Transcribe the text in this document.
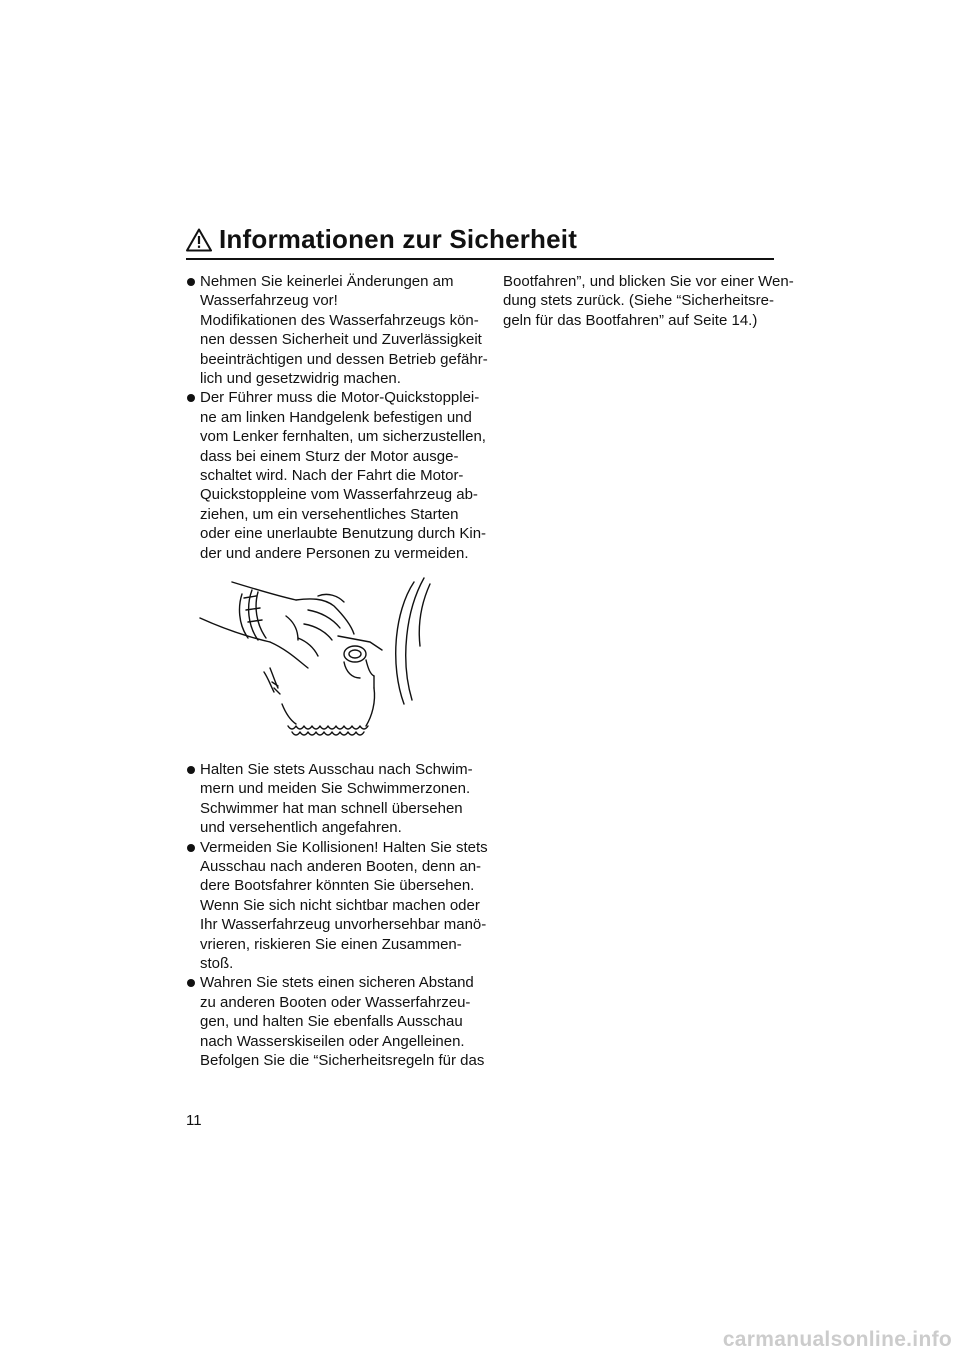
Informationen zur Sicherheit
Nehmen Sie keinerlei Änderungen am
Wasserfahrzeug vor!
Modifikationen des Wasserfahrzeugs kön-
nen dessen Sicherheit und Zuverlässigkeit
beeinträchtigen und dessen Betrieb gefähr-
lich und gesetzwidrig machen.
Der Führer muss die Motor-Quickstopplei-
ne am linken Handgelenk befestigen und
vom Lenker fernhalten, um sicherzustellen,
dass bei einem Sturz der Motor ausge-
schaltet wird. Nach der Fahrt die Motor-
Quickstoppleine vom Wasserfahrzeug ab-
ziehen, um ein versehentliches Starten
oder eine unerlaubte Benutzung durch Kin-
der und andere Personen zu vermeiden.
Halten Sie stets Ausschau nach Schwim-
mern und meiden Sie Schwimmerzonen.
Schwimmer hat man schnell übersehen
und versehentlich angefahren.
Vermeiden Sie Kollisionen! Halten Sie stets
Ausschau nach anderen Booten, denn an-
dere Bootsfahrer könnten Sie übersehen.
Wenn Sie sich nicht sichtbar machen oder
Ihr Wasserfahrzeug unvorhersehbar manö-
vrieren, riskieren Sie einen Zusammen-
stoß.
Wahren Sie stets einen sicheren Abstand
zu anderen Booten oder Wasserfahrzeu-
gen, und halten Sie ebenfalls Ausschau
nach Wasserskiseilen oder Angelleinen.
Befolgen Sie die “Sicherheitsregeln für das
Bootfahren”, und blicken Sie vor einer Wen-
dung stets zurück. (Siehe “Sicherheitsre-
geln für das Bootfahren” auf Seite 14.)
11
carmanualsonline.info
